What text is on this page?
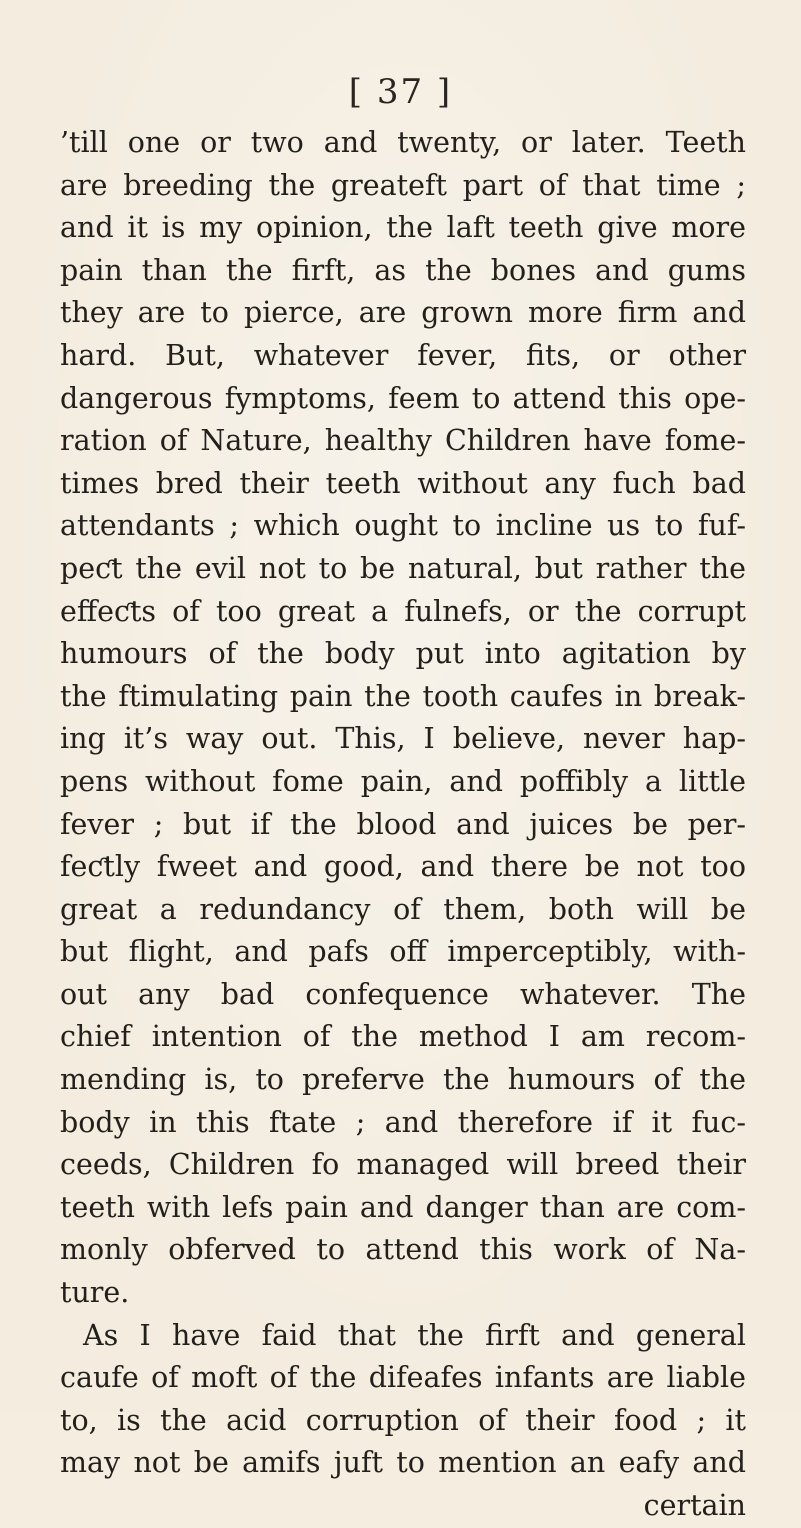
[ 37 ]
’till one or two and twenty, or later. Teeth
are breeding the greateft part of that time ;
and it is my opinion, the laft teeth give more
pain than the firft, as the bones and gums
they are to pierce, are grown more firm and
hard. But, whatever fever, fits, or other
dangerous fymptoms, feem to attend this ope-
ration of Nature, healthy Children have fome-
times bred their teeth without any fuch bad
attendants ; which ought to incline us to fuf-
peƈt the evil not to be natural, but rather the
effeƈts of too great a fulnefs, or the corrupt
humours of the body put into agitation by
the ftimulating pain the tooth caufes in break-
ing it’s way out. This, I believe, never hap-
pens without fome pain, and poffibly a little
fever ; but if the blood and juices be per-
feƈtly fweet and good, and there be not too
great a redundancy of them, both will be
but flight, and pafs off imperceptibly, with-
out any bad confequence whatever. The
chief intention of the method I am recom-
mending is, to preferve the humours of the
body in this ftate ; and therefore if it fuc-
ceeds, Children fo managed will breed their
teeth with lefs pain and danger than are com-
monly obferved to attend this work of Na-
ture.
As I have faid that the firft and general
caufe of moft of the difeafes infants are liable
to, is the acid corruption of their food ; it
may not be amifs juft to mention an eafy and
certain
